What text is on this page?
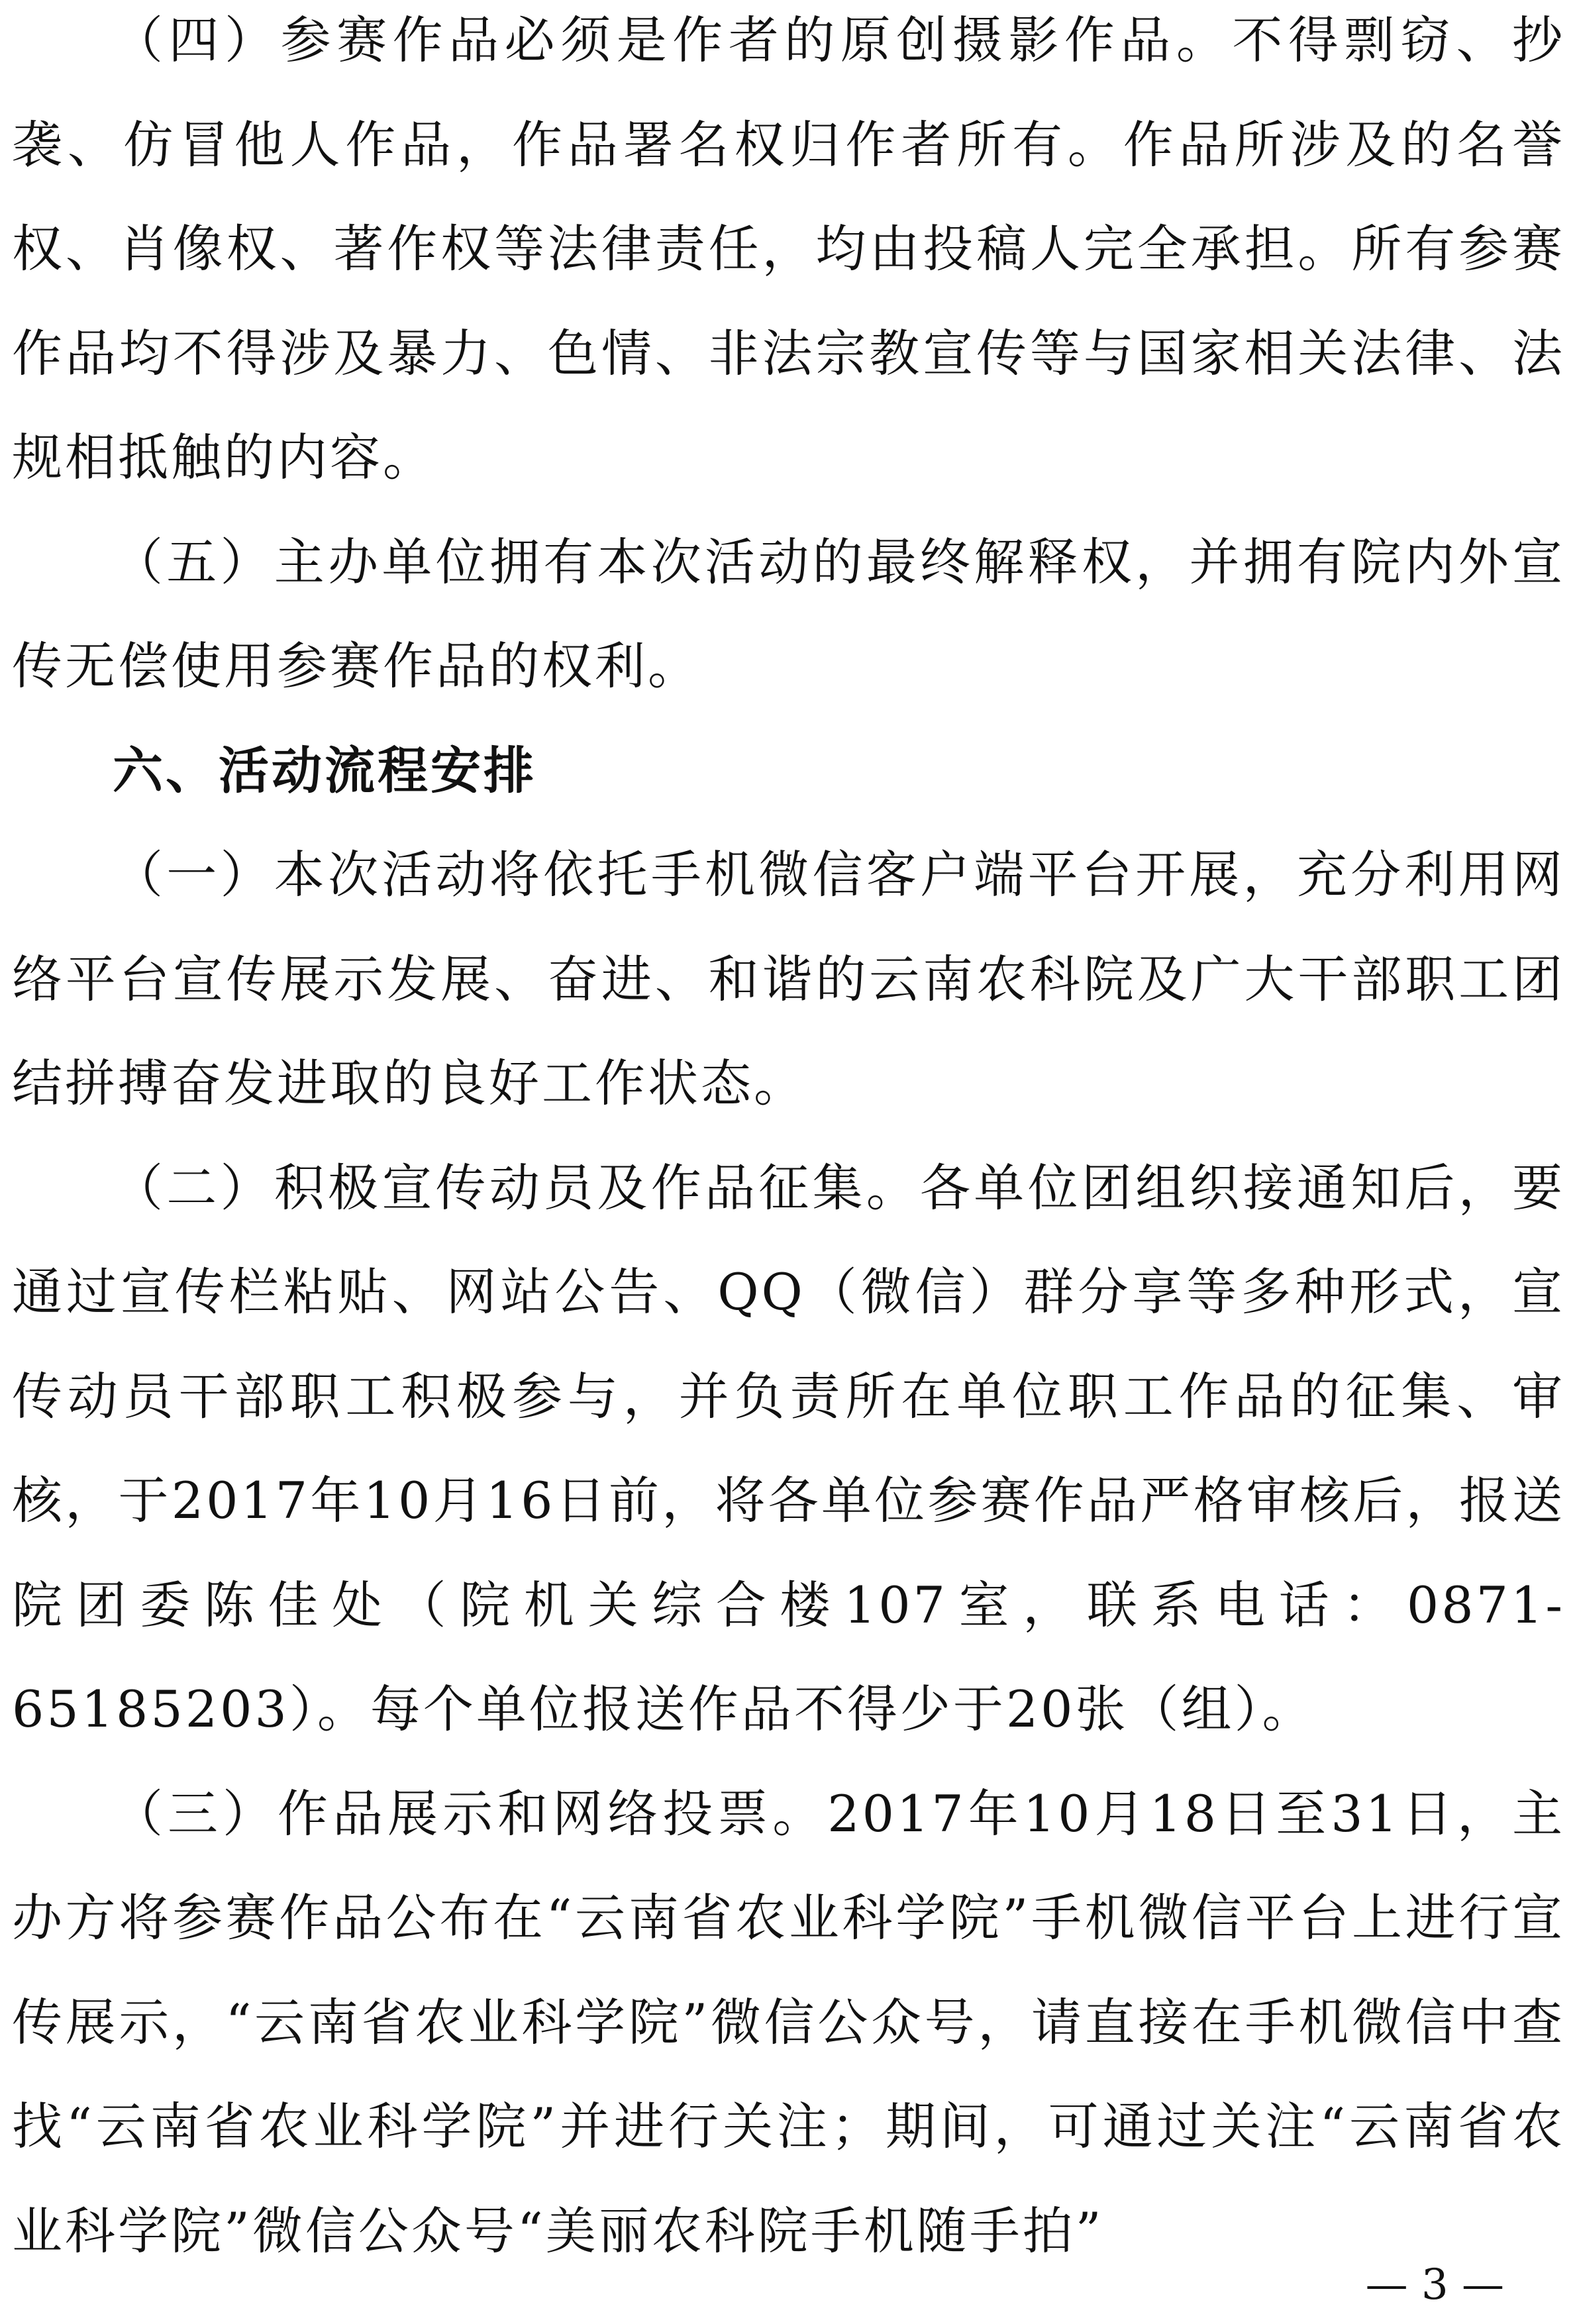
（四）参赛作品必须是作者的原创摄影作品。不得剽窃、抄袭、仿冒他人作品，作品署名权归作者所有。作品所涉及的名誉权、肖像权、著作权等法律责任，均由投稿人完全承担。所有参赛作品均不得涉及暴力、色情、非法宗教宣传等与国家相关法律、法规相抵触的内容。

（五）主办单位拥有本次活动的最终解释权，并拥有院内外宣传无偿使用参赛作品的权利。

六、活动流程安排

（一）本次活动将依托手机微信客户端平台开展，充分利用网络平台宣传展示发展、奋进、和谐的云南农科院及广大干部职工团结拼搏奋发进取的良好工作状态。

（二）积极宣传动员及作品征集。各单位团组织接通知后，要通过宣传栏粘贴、网站公告、QQ（微信）群分享等多种形式，宣传动员干部职工积极参与，并负责所在单位职工作品的征集、审核，于2017年10月16日前，将各单位参赛作品严格审核后，报送院团委陈佳处（院机关综合楼107室，联系电话：0871-65185203）。每个单位报送作品不得少于20张（组）。

（三）作品展示和网络投票。2017年10月18日至31日，主办方将参赛作品公布在“云南省农业科学院”手机微信平台上进行宣传展示，“云南省农业科学院”微信公众号，请直接在手机微信中查找“云南省农业科学院”并进行关注；期间，可通过关注“云南省农业科学院”微信公众号“美丽农科院手机随手拍”

— 3 —
